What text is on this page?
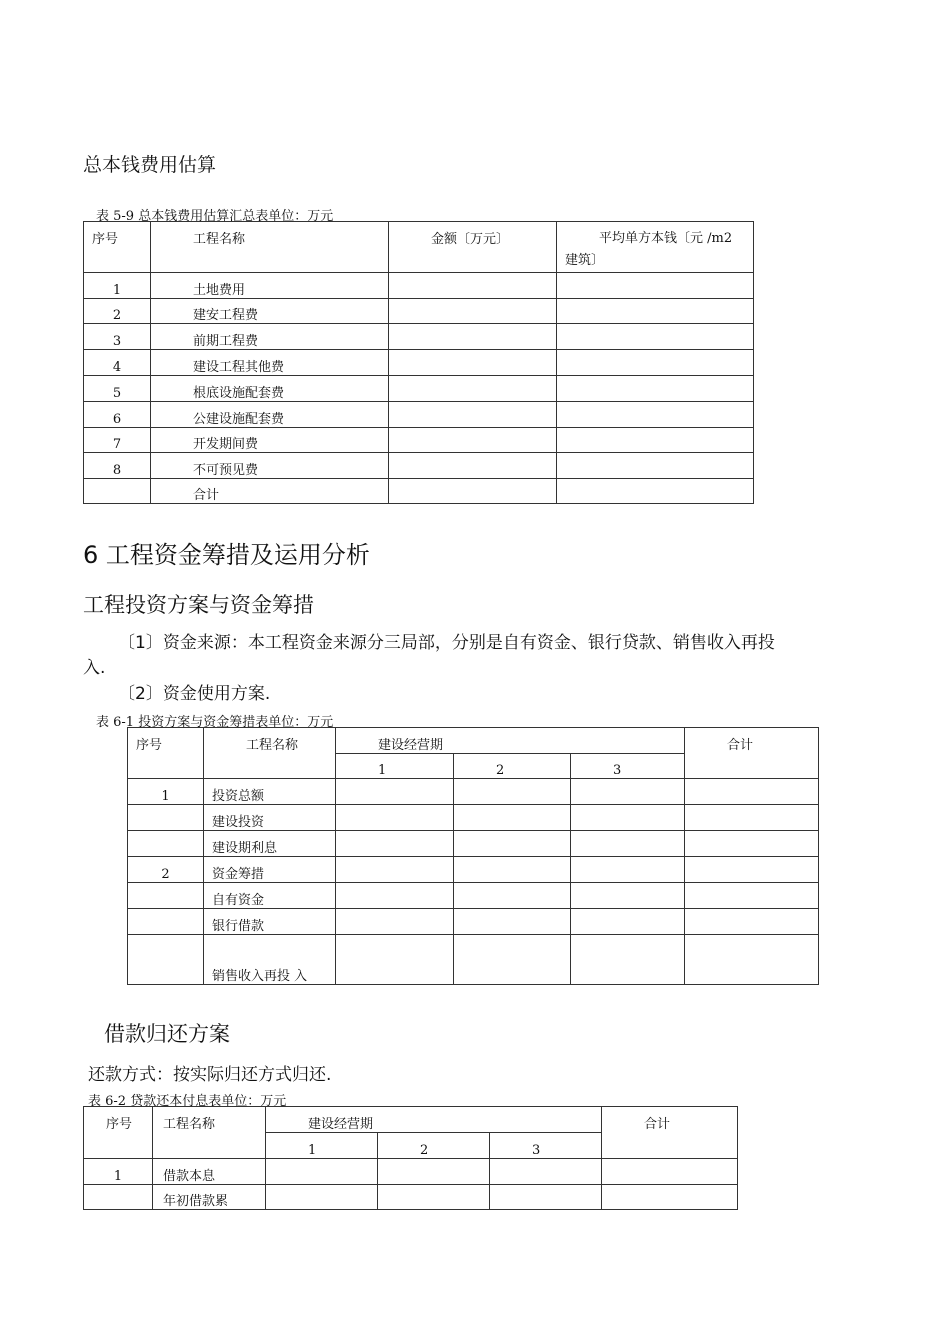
总本钱费用估算
表 5-9 总本钱费用估算汇总表单位：万元
序号	工程名称	金额〔万元〕	平均单方本钱〔元 /m2
建筑〕

1	土地费用		
2	建安工程费		
3	前期工程费		
4	建设工程其他费		
5	根底设施配套费		
6	公建设施配套费		
7	开发期间费		
8	不可预见费		
	合计		
6 工程资金筹措及运用分析
工程投资方案与资金筹措
〔1〕资金来源：本工程资金来源分三局部，分别是自有资金、银行贷款、销售收入再投
入.
〔2〕资金使用方案.
表 6-1 投资方案与资金筹措表单位：万元
序号	工程名称	建设经营期			合计
		1	2	3	
1	投资总额				
	建设投资				
	建设期利息				
2	资金筹措				
	自有资金				
	银行借款				
	销售收入再投 入				
借款归还方案
还款方式：按实际归还方式归还.
表 6-2 贷款还本付息表单位：万元
序号	工程名称	建设经营期			合计
		1	2	3	
1	借款本息				
	年初借款累				
